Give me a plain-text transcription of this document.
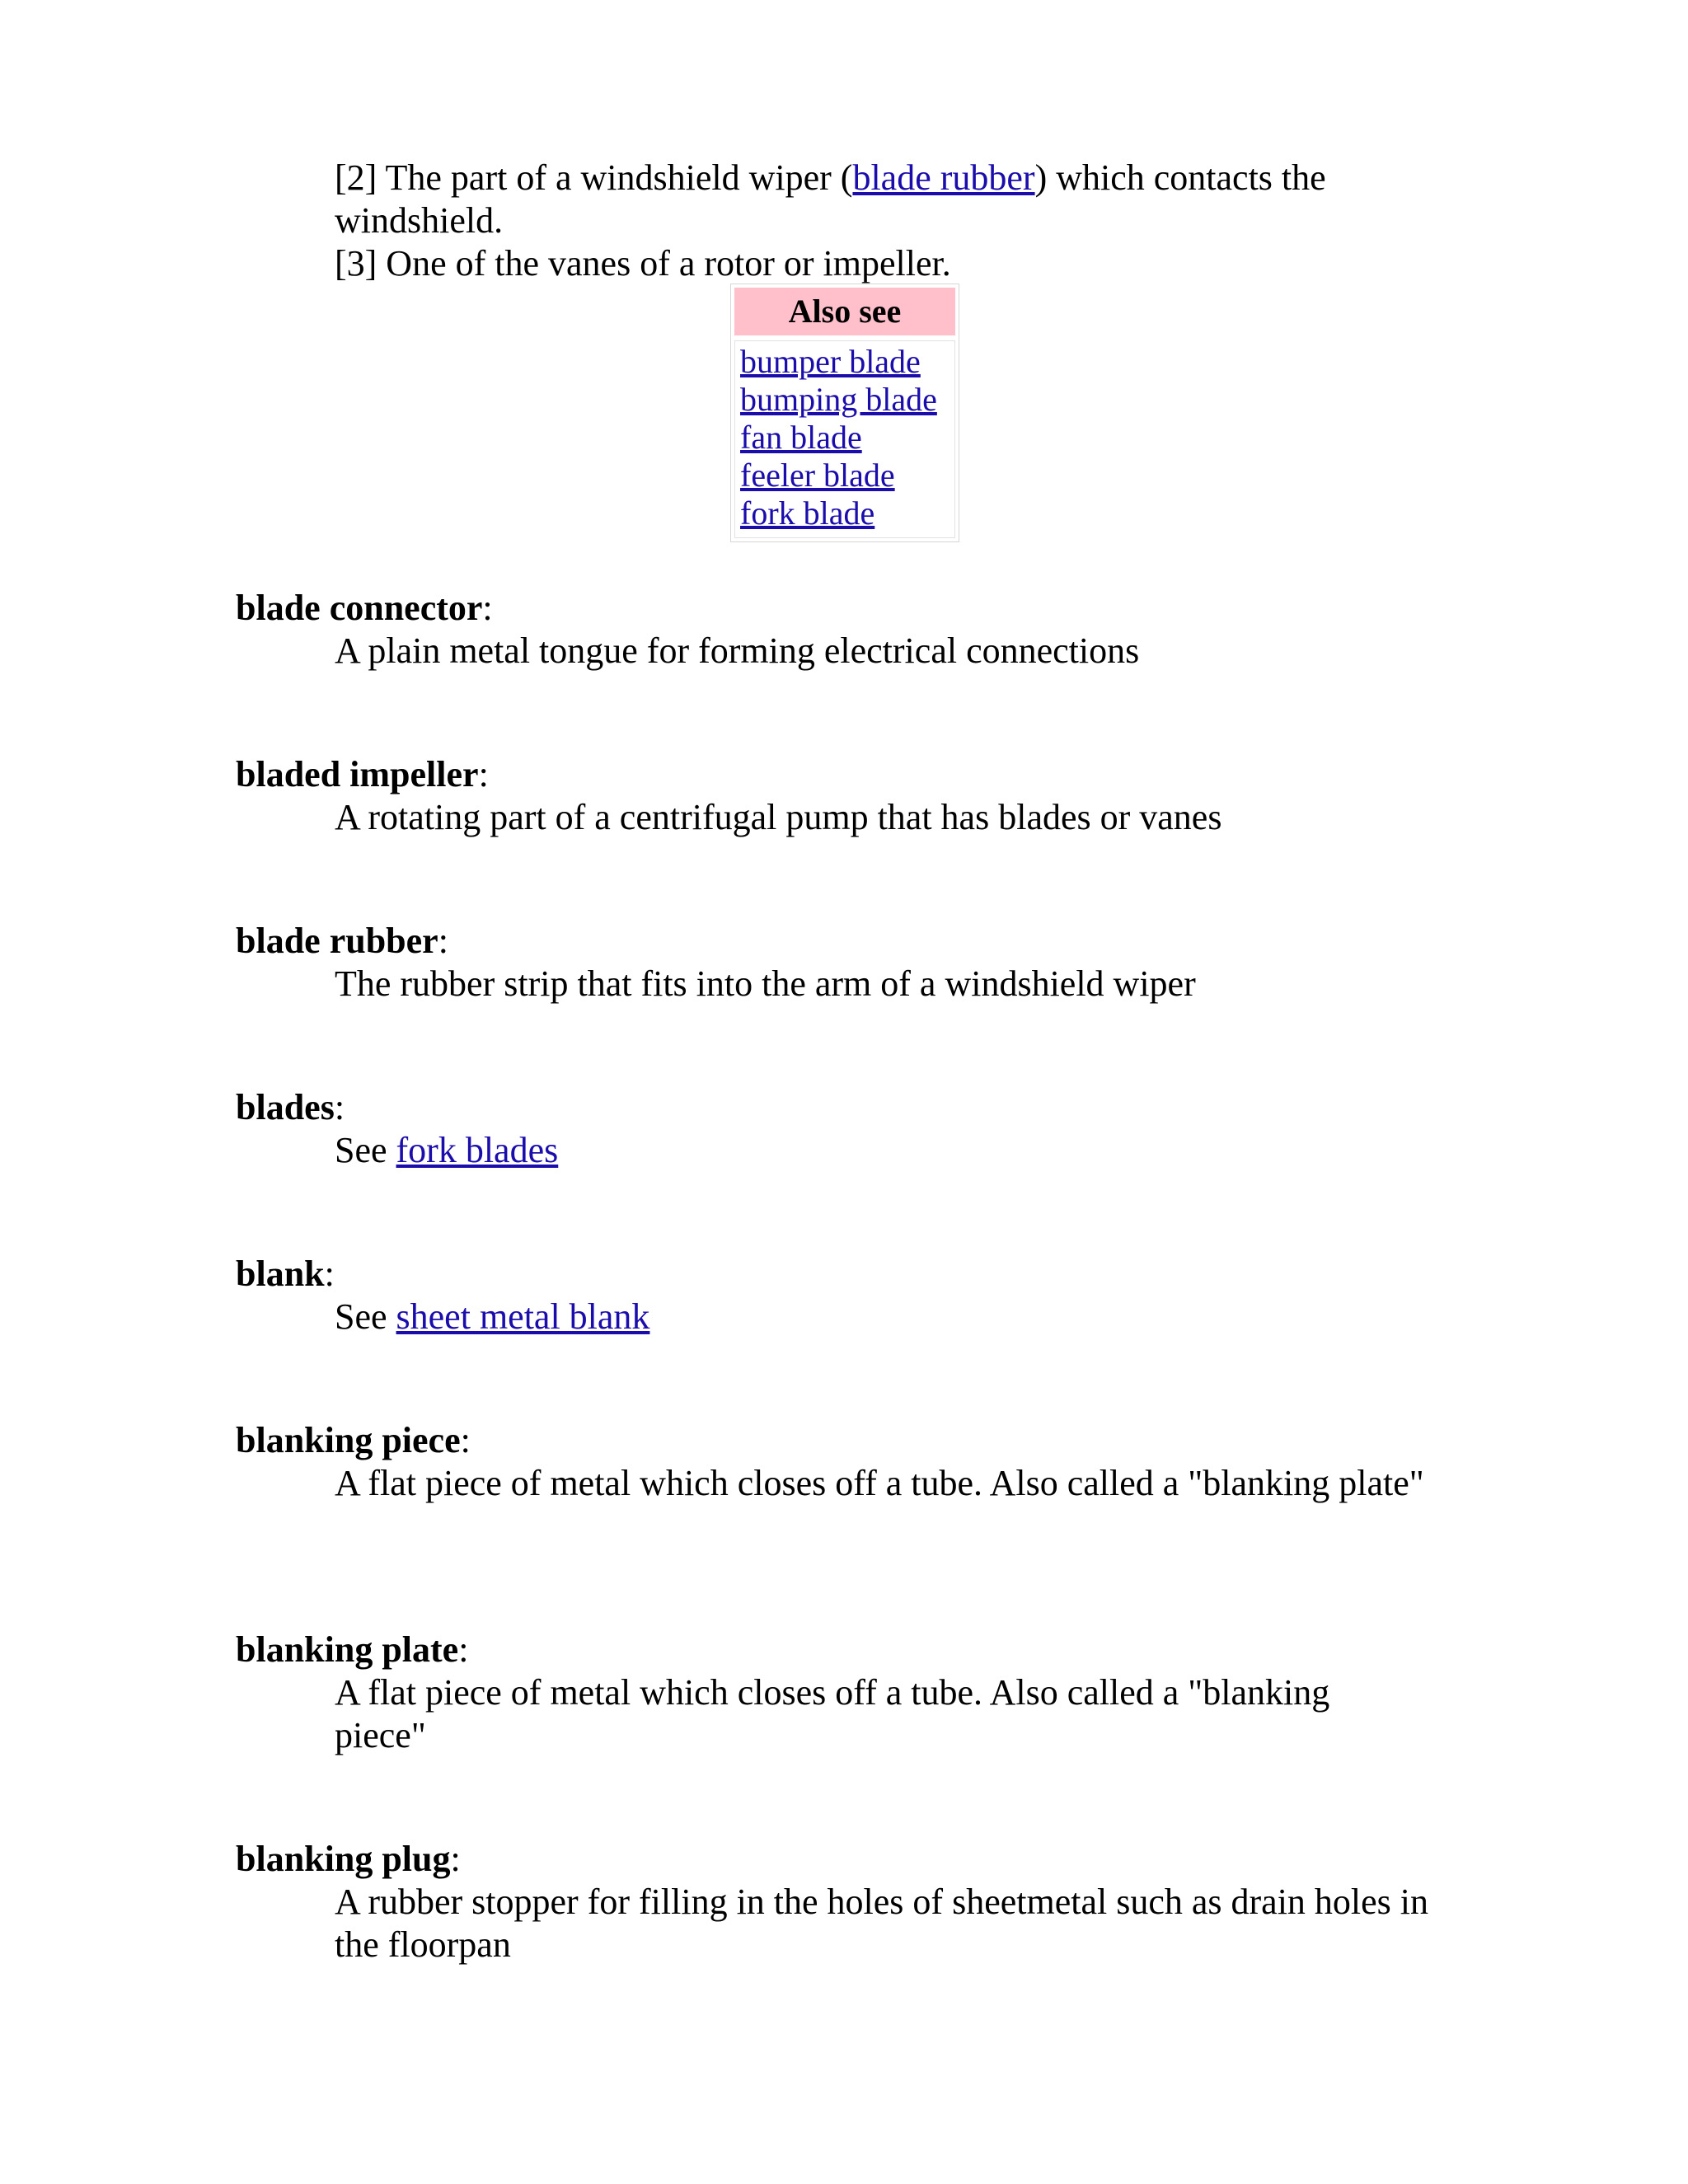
[2] The part of a windshield wiper (blade rubber) which contacts the windshield.
[3] One of the vanes of a rotor or impeller.
Also see
bumper blade
bumping blade
fan blade
feeler blade
fork blade
blade connector:
A plain metal tongue for forming electrical connections
bladed impeller:
A rotating part of a centrifugal pump that has blades or vanes
blade rubber:
The rubber strip that fits into the arm of a windshield wiper
blades:
See fork blades
blank:
See sheet metal blank
blanking piece:
A flat piece of metal which closes off a tube. Also called a "blanking plate"
blanking plate:
A flat piece of metal which closes off a tube. Also called a "blanking piece"
blanking plug:
A rubber stopper for filling in the holes of sheetmetal such as drain holes in the floorpan
